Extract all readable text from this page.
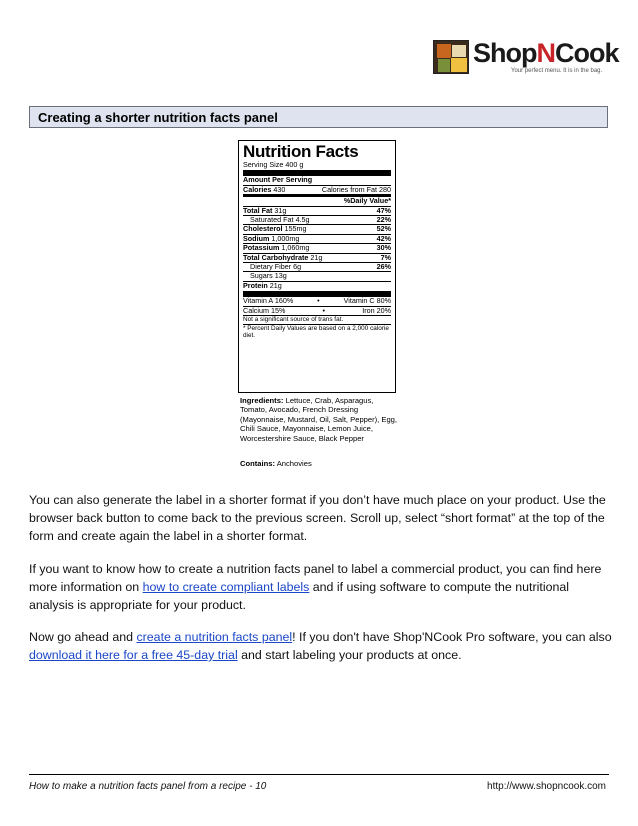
ShopNCook
Your perfect menu. It is in the bag.
Creating a shorter nutrition facts panel
Nutrition Facts
Serving Size 400 g
Amount Per Serving
Calories 430	Calories from Fat 280
%Daily Value*
Total Fat 31g	47%
Saturated Fat 4.5g	22%
Cholesterol 155mg	52%
Sodium 1,000mg	42%
Potassium 1,060mg	30%
Total Carbohydrate 21g	7%
Dietary Fiber 6g	26%
Sugars 13g
Protein 21g
Vitamin A 160%	•	Vitamin C 80%
Calcium 15%	•	Iron 20%
Not a significant source of trans fat.
* Percent Daily Values are based on a 2,000 calorie diet.
Ingredients: Lettuce, Crab, Asparagus, Tomato, Avocado, French Dressing (Mayonnaise, Mustard, Oil, Salt, Pepper), Egg, Chili Sauce, Mayonnaise, Lemon Juice, Worcestershire Sauce, Black Pepper
Contains: Anchovies

You can also generate the label in a shorter format if you don’t have much place on your product. Use the browser back button to come back to the previous screen. Scroll up, select “short format” at the top of the form and create again the label in a shorter format.

If you want to know how to create a nutrition facts panel to label a commercial product, you can find here more information on how to create compliant labels and if using software to compute the nutritional analysis is appropriate for your product.

Now go ahead and create a nutrition facts panel! If you don't have Shop'NCook Pro software, you can also download it here for a free 45-day trial and start labeling your products at once.

How to make a nutrition facts panel from a recipe - 10	http://www.shopncook.com
